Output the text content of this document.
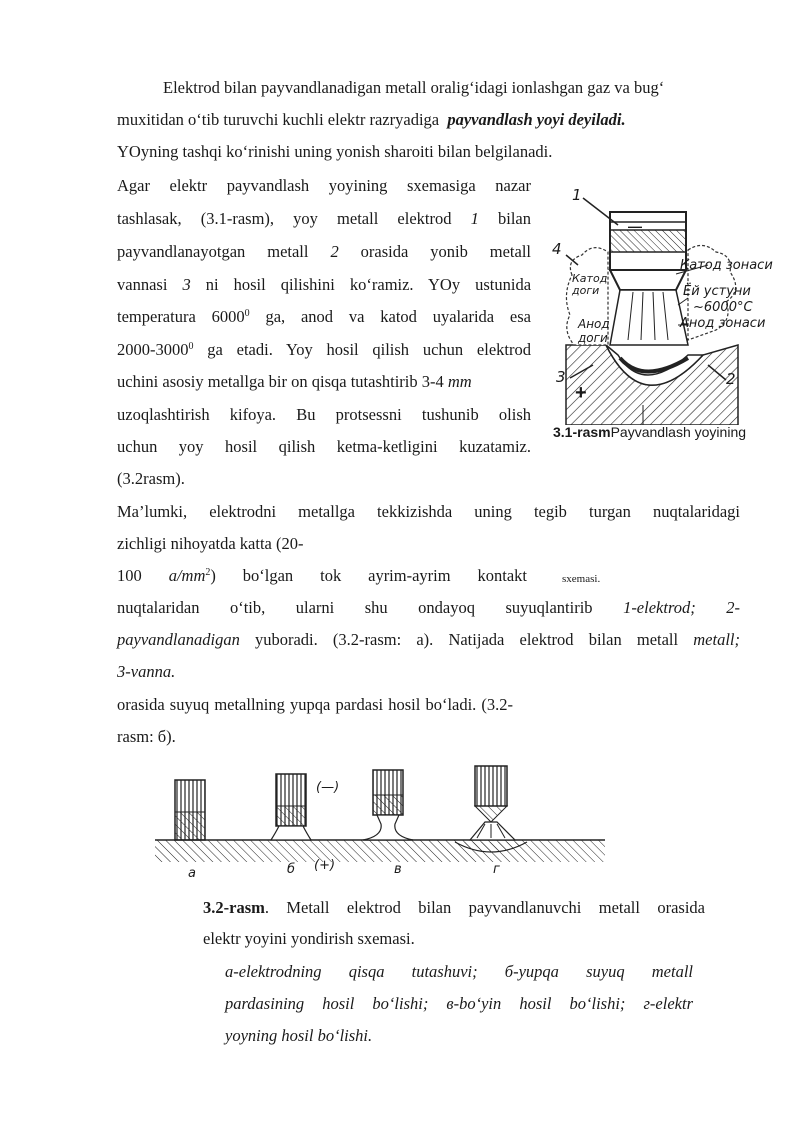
Elektrod bilan payvandlanadigan metall oralig‘idagi ionlashgan gaz va bug‘
muxitidan o‘tib turuvchi kuchli elektr razryadiga payvandlash yoyi deyiladi.
YOyning tashqi ko‘rinishi uning yonish sharoiti bilan belgilanadi.
Agar elektr payvandlash yoyining sxemasiga nazar
tashlasak, (3.1-rasm), yoy metall elektrod 1 bilan
payvandlanayotgan metall 2 orasida yonib metall
vannasi 3 ni hosil qilishini ko‘ramiz. YOy ustunida
temperatura 6000$^0$ ga, anod va katod uyalarida esa
2000-3000$^0$ ga etadi. Yoy hosil qilish uchun elektrod
uchini asosiy metallga bir on qisqa tutashtirib 3-4 mm
uzoqlashtirish kifoya. Bu protsessni tushunib olish
uchun yoy hosil qilish ketma-ketligini kuzatamiz.
(3.2rasm).
1
4
3	2
+
—
Катод зонаси
Катод
доги	Ёй устуни
~6000°С
Анод зонаси
Анод
доги
3.1-rasmPayvandlash yoyining
Ma’lumki, elektrodni metallga tekkizishda uning tegib turgan nuqtalaridagi
zichligi nihoyatda katta (20-
100 $a/mm^2$) bo‘lgan tok ayrim-ayrim kontakt	sxemasi.
nuqtalaridan o‘tib, ularni shu ondayoq suyuqlantirib 1-elektrod; 2-
payvandlanadigan yuboradi. (3.2-rasm: a). Natijada elektrod bilan metall metall;
3-vanna.
orasida suyuq metallning yupqa pardasi hosil bo‘ladi. (3.2-
rasm: б).
а	б	в	г
(—)
(+)
3.2-rasm. Metall elektrod bilan payvandlanuvchi metall orasida
elektr yoyini yondirish sxemasi.
a-elektrodning qisqa tutashuvi; б-yupqa suyuq metall
pardasining hosil bo‘lishi; в-bo‘yin hosil bo‘lishi; г-elektr
yoyning hosil bo‘lishi.
